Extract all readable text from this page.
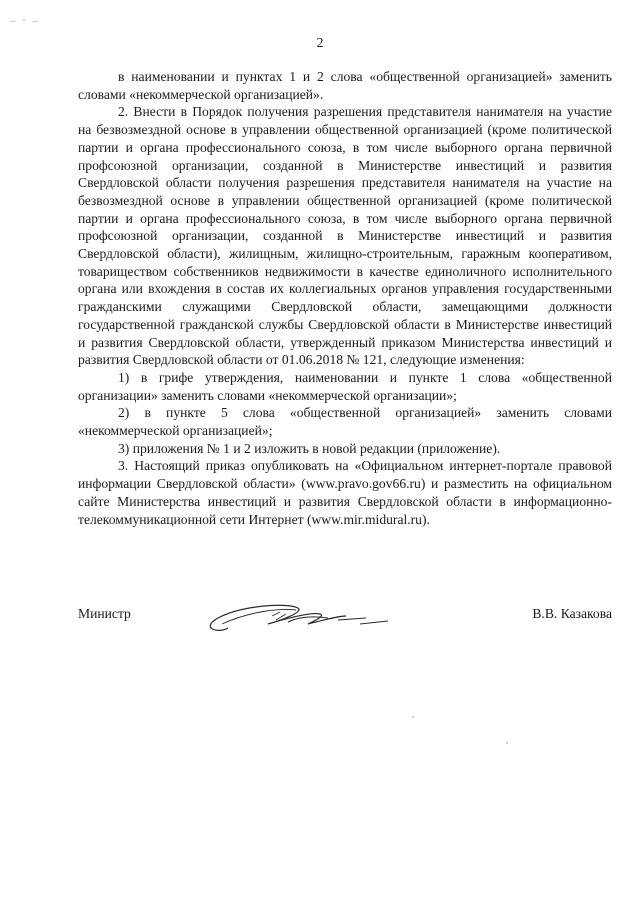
2

в наименовании и пунктах 1 и 2 слова «общественной организацией» заменить словами «некоммерческой организацией».

2. Внести в Порядок получения разрешения представителя нанимателя на участие на безвозмездной основе в управлении общественной организацией (кроме политической партии и органа профессионального союза, в том числе выборного органа первичной профсоюзной организации, созданной в Министерстве инвестиций и развития Свердловской области получения разрешения представителя нанимателя на участие на безвозмездной основе в управлении общественной организацией (кроме политической партии и органа профессионального союза, в том числе выборного органа первичной профсоюзной организации, созданной в Министерстве инвестиций и развития Свердловской области), жилищным, жилищно-строительным, гаражным кооперативом, товариществом собственников недвижимости в качестве единоличного исполнительного органа или вхождения в состав их коллегиальных органов управления государственными гражданскими служащими Свердловской области, замещающими должности государственной гражданской службы Свердловской области в Министерстве инвестиций и развития Свердловской области, утвержденный приказом Министерства инвестиций и развития Свердловской области от 01.06.2018 № 121, следующие изменения:

1) в грифе утверждения, наименовании и пункте 1 слова «общественной организации» заменить словами «некоммерческой организации»;

2) в пункте 5 слова «общественной организацией» заменить словами «некоммерческой организацией»;

3) приложения № 1 и 2 изложить в новой редакции (приложение).

3. Настоящий приказ опубликовать на «Официальном интернет-портале правовой информации Свердловской области» (www.pravo.gov66.ru) и разместить на официальном сайте Министерства инвестиций и развития Свердловской области в информационно-телекоммуникационной сети Интернет (www.mir.midural.ru).

Министр	В.В. Казакова
